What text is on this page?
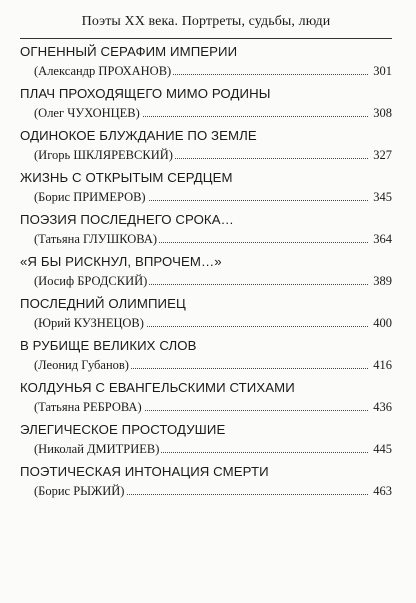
Поэты XX века. Портреты, судьбы, люди
ОГНЕННЫЙ СЕРАФИМ ИМПЕРИИ
(Александр ПРОХАНОВ)	301
ПЛАЧ ПРОХОДЯЩЕГО МИМО РОДИНЫ
(Олег ЧУХОНЦЕВ)	308
ОДИНОКОЕ БЛУЖДАНИЕ ПО ЗЕМЛЕ
(Игорь ШКЛЯРЕВСКИЙ)	327
ЖИЗНЬ С ОТКРЫТЫМ СЕРДЦЕМ
(Борис ПРИМЕРОВ)	345
ПОЭЗИЯ ПОСЛЕДНЕГО СРОКА…
(Татьяна ГЛУШКОВА)	364
«Я БЫ РИСКНУЛ, ВПРОЧЕМ…»
(Иосиф БРОДСКИЙ)	389
ПОСЛЕДНИЙ ОЛИМПИЕЦ
(Юрий КУЗНЕЦОВ)	400
В РУБИЩЕ ВЕЛИКИХ СЛОВ
(Леонид Губанов)	416
КОЛДУНЬЯ С ЕВАНГЕЛЬСКИМИ СТИХАМИ
(Татьяна РЕБРОВА)	436
ЭЛЕГИЧЕСКОЕ ПРОСТОДУШИЕ
(Николай ДМИТРИЕВ)	445
ПОЭТИЧЕСКАЯ ИНТОНАЦИЯ СМЕРТИ
(Борис РЫЖИЙ)	463
